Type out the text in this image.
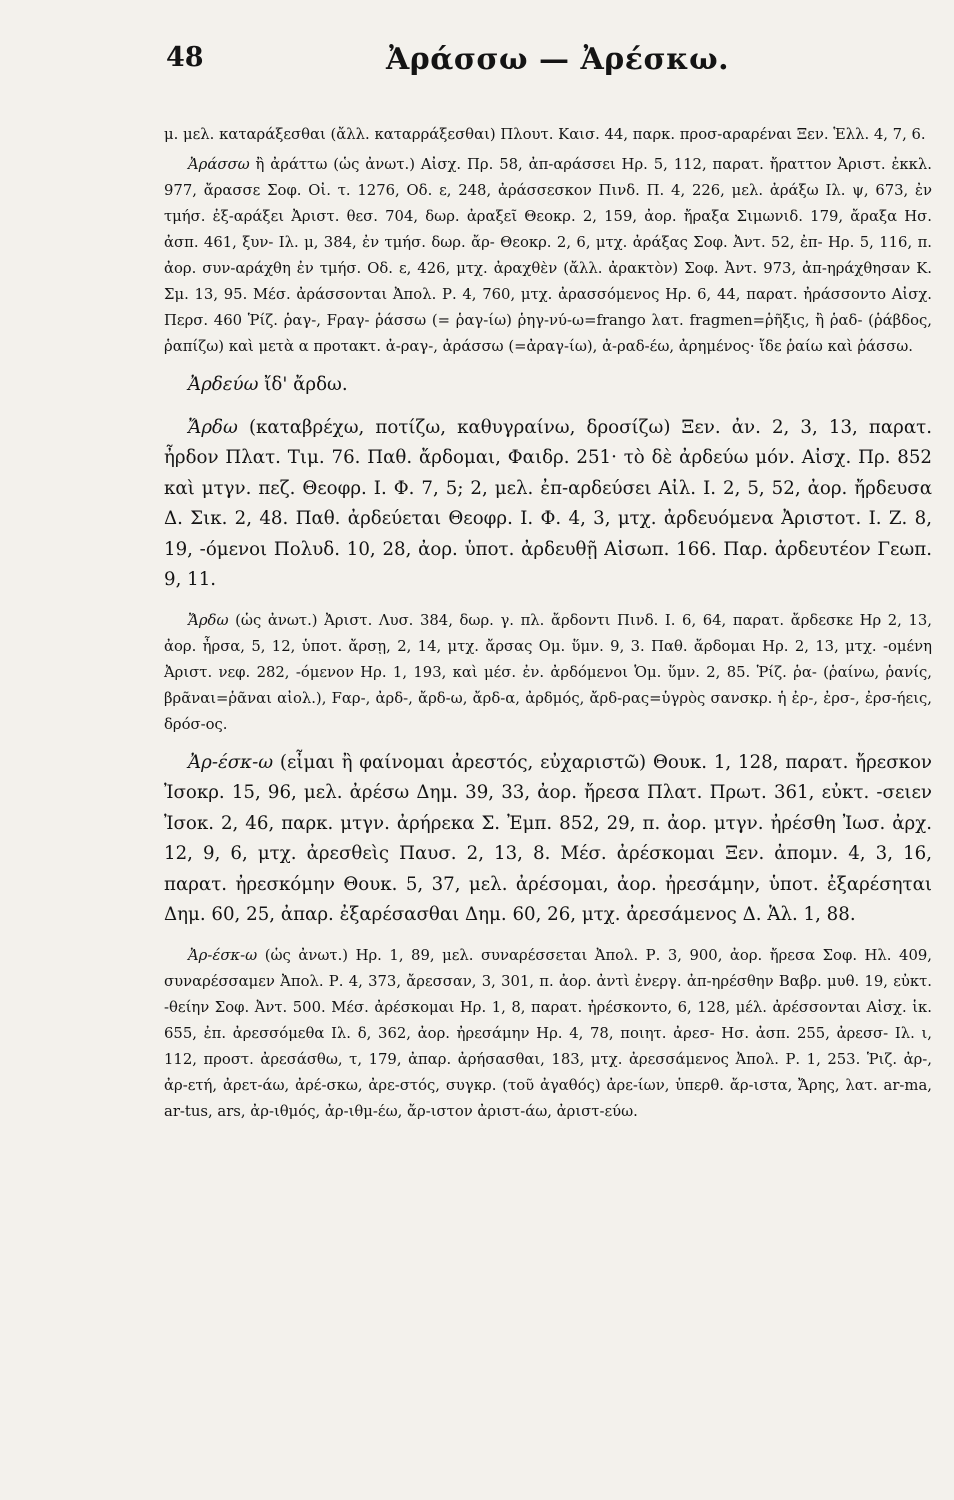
48	Ἀράσσω — Ἀρέσκω.

μ. μελ. καταράξεσθαι (ἄλλ. καταρράξεσθαι) Πλουτ. Καισ. 44, παρκ. προσ-αραρέναι Ξεν. Ἑλλ. 4, 7, 6.

Ἀράσσω ἢ ἀράττω (ὡς ἀνωτ.) Αἰσχ. Πρ. 58, ἀπ-αράσσει Ηρ. 5, 112, παρατ. ἤραττον Ἀριστ. ἐκκλ. 977, ἄρασσε Σοφ. Οἰ. τ. 1276, Οδ. ε, 248, ἀράσσεσκον Πινδ. Π. 4, 226, μελ. ἀράξω Ιλ. ψ, 673, ἐν τμήσ. ἐξ-αράξει Ἀριστ. θεσ. 704, δωρ. ἀραξεῖ Θεοκρ. 2, 159, ἀορ. ἤραξα Σιμωνιδ. 179, ἄραξα Ησ. ἀσπ. 461, ξυν- Ιλ. μ, 384, ἐν τμήσ. δωρ. ἄρ- Θεοκρ. 2, 6, μτχ. ἀράξας Σοφ. Ἀντ. 52, ἐπ- Ηρ. 5, 116, π. ἀορ. συν-αράχθη ἐν τμήσ. Οδ. ε, 426, μτχ. ἀραχθὲν (ἄλλ. ἀρακτὸν) Σοφ. Ἀντ. 973, ἀπ-ηράχθησαν Κ. Σμ. 13, 95. Μέσ. ἀράσσονται Ἀπολ. Ρ. 4, 760, μτχ. ἀρασσόμενος Ηρ. 6, 44, παρατ. ἠράσσοντο Αἰσχ. Περσ. 460 Ῥίζ. ῥαγ-, Fραγ- ῥάσσω (= ῥαγ-ίω) ῥηγ-νύ-ω=frango λατ. fragmen=ῥῆξις, ἢ ῥαδ- (ῥάβδος, ῥαπίζω) καὶ μετὰ α προτακτ. ἀ-ραγ-, ἀράσσω (=ἀραγ-ίω), ἀ-ραδ-έω, ἀρημένος· ἴδε ῥαίω καὶ ῥάσσω.

Ἀρδεύω ἴδ' ἄρδω.

Ἄρδω (καταβρέχω, ποτίζω, καθυγραίνω, δροσίζω) Ξεν. ἀν. 2, 3, 13, παρατ. ἦρδον Πλατ. Τιμ. 76. Παθ. ἄρδομαι, Φαιδρ. 251· τὸ δὲ ἀρδεύω μόν. Αἰσχ. Πρ. 852 καὶ μτγν. πεζ. Θεοφρ. Ι. Φ. 7, 5; 2, μελ. ἐπ-αρδεύσει Αἰλ. Ι. 2, 5, 52, ἀορ. ἤρδευσα Δ. Σικ. 2, 48. Παθ. ἀρδεύεται Θεοφρ. Ι. Φ. 4, 3, μτχ. ἀρδευόμενα Ἀριστοτ. Ι. Ζ. 8, 19, -όμενοι Πολυδ. 10, 28, ἀορ. ὑποτ. ἀρδευθῇ Αἰσωπ. 166. Παρ. ἀρδευτέον Γεωπ. 9, 11.

Ἄρδω (ὡς ἀνωτ.) Ἀριστ. Λυσ. 384, δωρ. γ. πλ. ἄρδοντι Πινδ. Ι. 6, 64, παρατ. ἄρδεσκε Ηρ 2, 13, ἀορ. ἦρσα, 5, 12, ὑποτ. ἄρσῃ, 2, 14, μτχ. ἄρσας Ομ. ὕμν. 9, 3. Παθ. ἄρδομαι Ηρ. 2, 13, μτχ. -ομένη Ἀριστ. νεφ. 282, -όμενον Ηρ. 1, 193, καὶ μέσ. ἐν. ἀρδόμενοι Ὁμ. ὕμν. 2, 85. Ῥίζ. ῥα- (ῥαίνω, ῥανίς, βρᾶναι=ῥᾶναι αἰολ.), Fαρ-, ἀρδ-, ἄρδ-ω, ἄρδ-α, ἀρδμός, ἄρδ-ρας=ὑγρὸς σανσκρ. ἡ ἐρ-, ἐρσ-, ἐρσ-ήεις, δρόσ-ος.

Ἀρ-έσκ-ω (εἶμαι ἢ φαίνομαι ἀρεστός, εὐχαριστῶ) Θουκ. 1, 128, παρατ. ἤρεσκον Ἰσοκρ. 15, 96, μελ. ἀρέσω Δημ. 39, 33, ἀορ. ἤρεσα Πλατ. Πρωτ. 361, εὐκτ. -σειεν Ἰσοκ. 2, 46, παρκ. μτγν. ἀρήρεκα Σ. Ἐμπ. 852, 29, π. ἀορ. μτγν. ἠρέσθη Ἰωσ. ἀρχ. 12, 9, 6, μτχ. ἀρεσθεὶς Παυσ. 2, 13, 8. Μέσ. ἀρέσκομαι Ξεν. ἀπομν. 4, 3, 16, παρατ. ἠρεσκόμην Θουκ. 5, 37, μελ. ἀρέσομαι, ἀορ. ἠρεσάμην, ὑποτ. ἐξαρέσηται Δημ. 60, 25, ἀπαρ. ἐξαρέσασθαι Δημ. 60, 26, μτχ. ἀρεσάμενος Δ. Ἁλ. 1, 88.

Ἀρ-έσκ-ω (ὡς ἀνωτ.) Ηρ. 1, 89, μελ. συναρέσσεται Ἀπολ. Ρ. 3, 900, ἀορ. ἤρεσα Σοφ. Ηλ. 409, συναρέσσαμεν Ἀπολ. Ρ. 4, 373, ἄρεσσαν, 3, 301, π. ἀορ. ἀντὶ ἐνεργ. ἀπ-ηρέσθην Βαβρ. μυθ. 19, εὐκτ. -θείην Σοφ. Ἀντ. 500. Μέσ. ἀρέσκομαι Ηρ. 1, 8, παρατ. ἠρέσκοντο, 6, 128, μέλ. ἀρέσσονται Αἰσχ. ἱκ. 655, ἐπ. ἀρεσσόμεθα Ιλ. δ, 362, ἀορ. ἠρεσάμην Ηρ. 4, 78, ποιητ. ἀρεσ- Ησ. ἀσπ. 255, ἀρεσσ- Ιλ. ι, 112, προστ. ἀρεσάσθω, τ, 179, ἀπαρ. ἀρήσασθαι, 183, μτχ. ἀρεσσάμενος Ἀπολ. Ρ. 1, 253. Ῥιζ. ἀρ-, ἀρ-ετή, ἀρετ-άω, ἀρέ-σκω, ἀρε-στός, συγκρ. (τοῦ ἀγαθός) ἀρε-ίων, ὑπερθ. ἄρ-ιστα, Ἄρης, λατ. ar-ma, ar-tus, ars, ἀρ-ιθμός, ἀρ-ιθμ-έω, ἄρ-ιστον ἀριστ-άω, ἀριστ-εύω.
